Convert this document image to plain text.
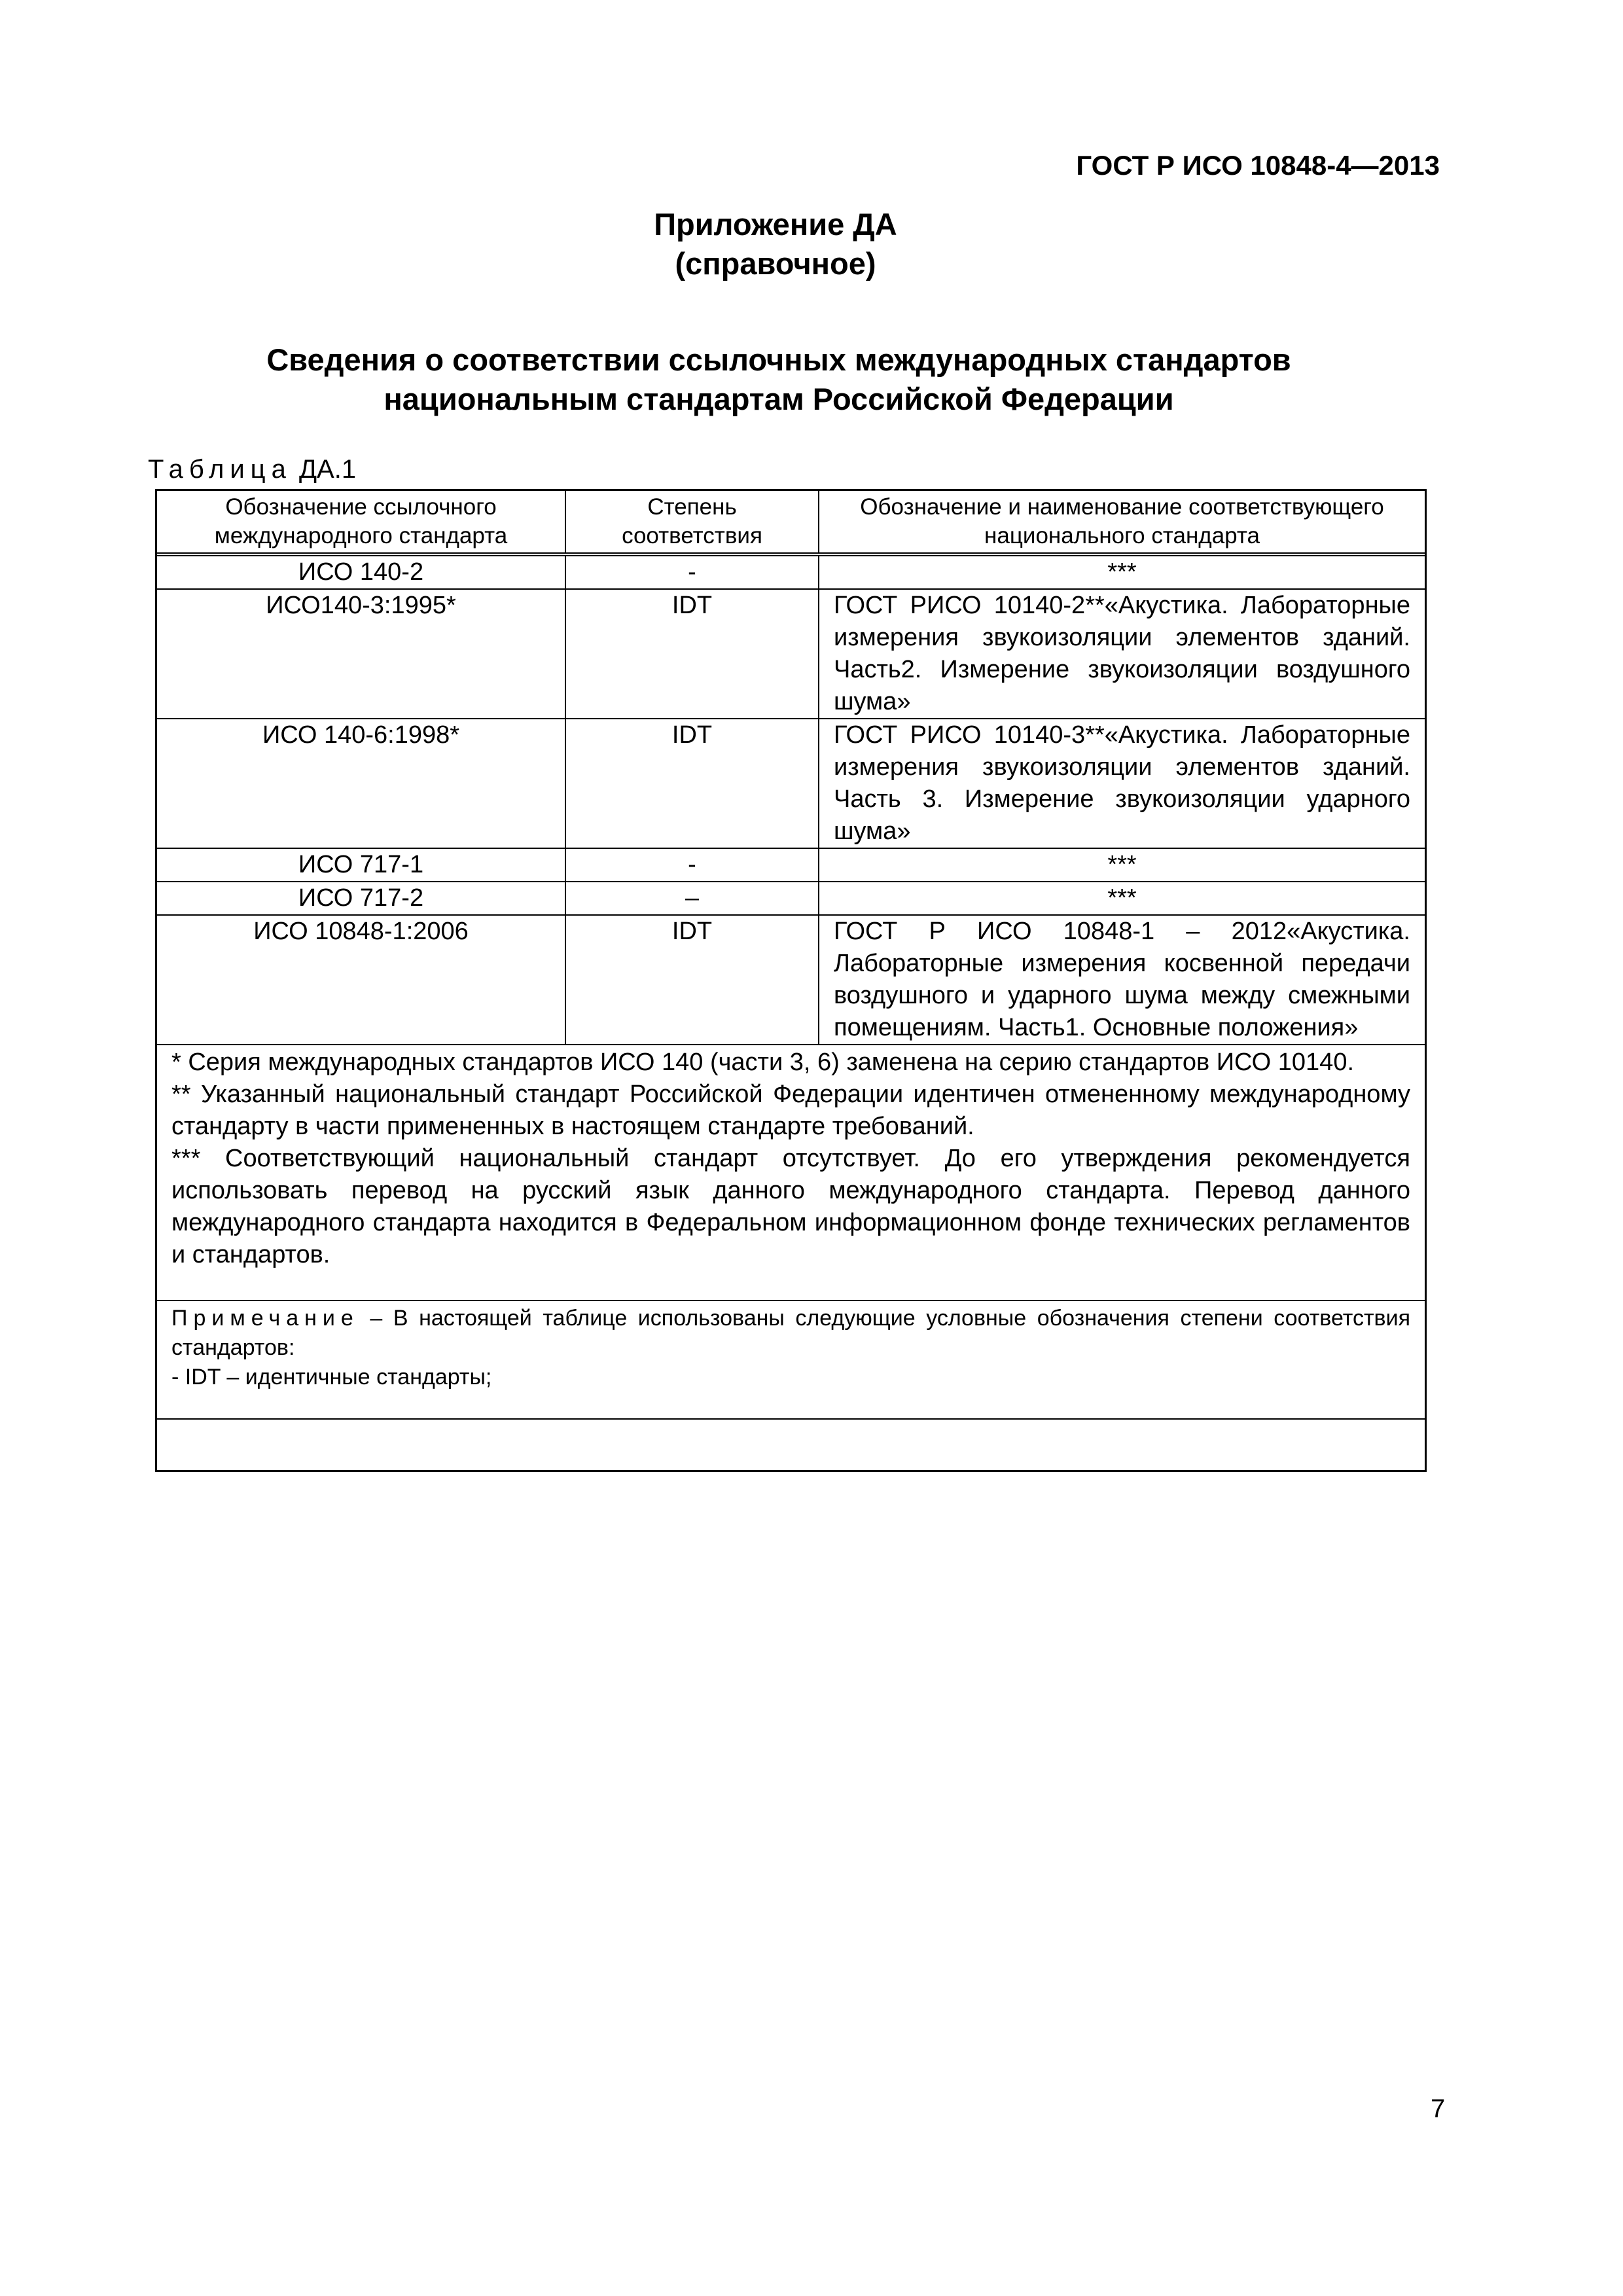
ГОСТ Р ИСО 10848-4—2013
Приложение ДА
(справочное)
Сведения о соответствии ссылочных международных стандартов
национальным стандартам Российской Федерации
Таблица ДА.1
Обозначение ссылочного международного стандарта	Степень соответствия	Обозначение и наименование соответствующего национального стандарта
ИСО 140-2	-	***
ИСО140-3:1995*	IDT	ГОСТ РИСО 10140-2**«Акустика. Лабораторные измерения звукоизоляции элементов зданий. Часть2. Измерение звукоизоляции воздушного шума»
ИСО 140-6:1998*	IDT	ГОСТ РИСО 10140-3**«Акустика. Лабораторные измерения звукоизоляции элементов зданий. Часть 3. Измерение звукоизоляции ударного шума»
ИСО 717-1	-	***
ИСО 717-2	–	***
ИСО 10848-1:2006	IDT	ГОСТ Р ИСО 10848-1 – 2012«Акустика. Лабораторные измерения косвенной передачи воздушного и ударного шума между смежными помещениям. Часть1. Основные положения»

* Серия международных стандартов ИСО 140 (части 3, 6) заменена на серию стандартов ИСО 10140.
** Указанный национальный стандарт Российской Федерации идентичен отмененному международному стандарту в части примененных в настоящем стандарте требований.
*** Соответствующий национальный стандарт отсутствует. До его утверждения рекомендуется использовать перевод на русский язык данного международного стандарта. Перевод данного международного стандарта находится в Федеральном информационном фонде технических регламентов и стандартов.		

Примечание – В настоящей таблице использованы следующие условные обозначения степени соответствия стандартов:
- IDT – идентичные стандарты;		
7
